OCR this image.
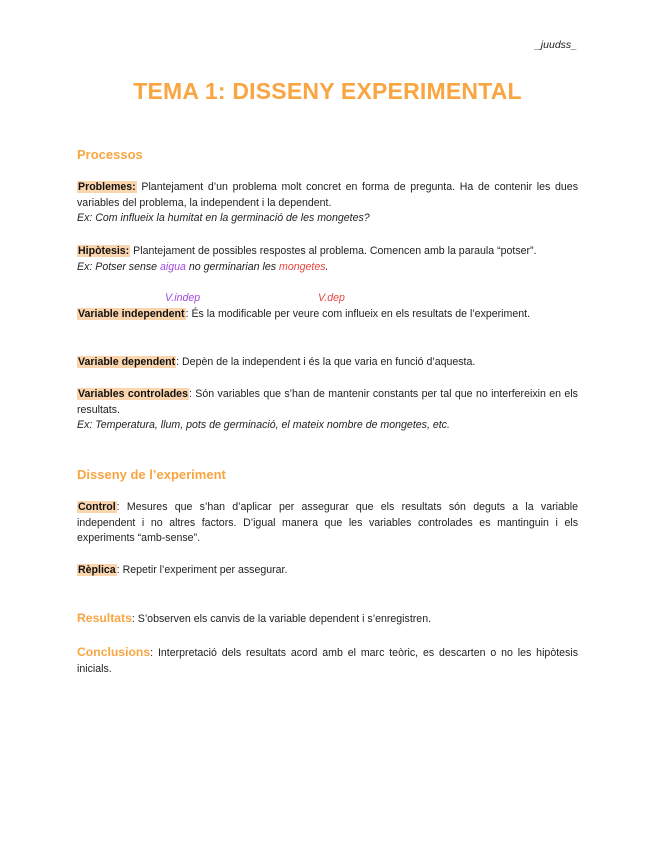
_juudss_
TEMA 1: DISSENY EXPERIMENTAL
Processos
Problemes: Plantejament d’un problema molt concret en forma de pregunta. Ha de contenir les dues variables del problema, la independent i la dependent.
Ex: Com influeix la humitat en la germinació de les mongetes?
Hipòtesis: Plantejament de possibles respostes al problema. Comencen amb la paraula “potser”.
Ex: Potser sense aigua no germinarian les mongetes.
V.indep	V.dep
Variable independent: És la modificable per veure com influeix en els resultats de l’experiment.
Variable dependent: Depèn de la independent i és la que varia en funció d’aquesta.
Variables controlades: Són variables que s’han de mantenir constants per tal que no interfereixin en els resultats.
Ex: Temperatura, llum, pots de germinació, el mateix nombre de mongetes, etc.
Disseny de l’experiment
Control: Mesures que s’han d’aplicar per assegurar que els resultats són deguts a la variable independent i no altres factors. D’igual manera que les variables controlades es mantinguin i els experiments “amb-sense”.
Rèplica: Repetir l’experiment per assegurar.
Resultats: S’observen els canvis de la variable dependent i s’enregistren.
Conclusions: Interpretació dels resultats acord amb el marc teòric, es descarten o no les hipòtesis inicials.
